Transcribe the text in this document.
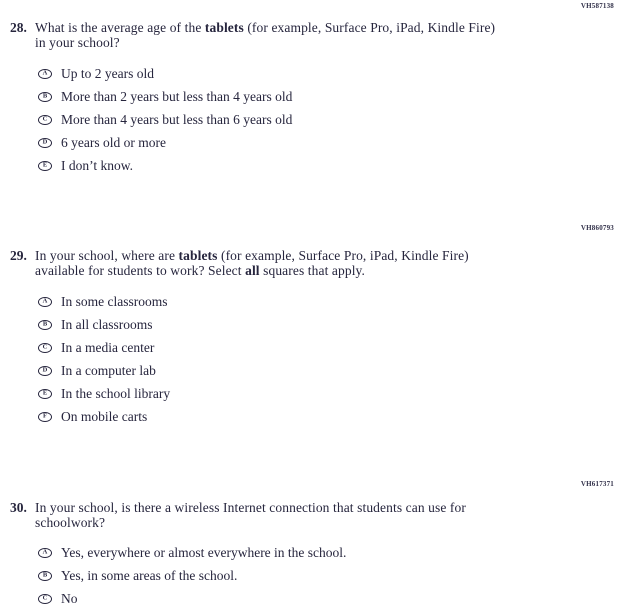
VH587138
28. What is the average age of the tablets (for example, Surface Pro, iPad, Kindle Fire)
in your school?
A Up to 2 years old
B More than 2 years but less than 4 years old
C More than 4 years but less than 6 years old
D 6 years old or more
E I don’t know.
VH860793
29. In your school, where are tablets (for example, Surface Pro, iPad, Kindle Fire)
available for students to work? Select all squares that apply.
A In some classrooms
B In all classrooms
C In a media center
D In a computer lab
E In the school library
F On mobile carts
VH617371
30. In your school, is there a wireless Internet connection that students can use for
schoolwork?
A Yes, everywhere or almost everywhere in the school.
B Yes, in some areas of the school.
C No
